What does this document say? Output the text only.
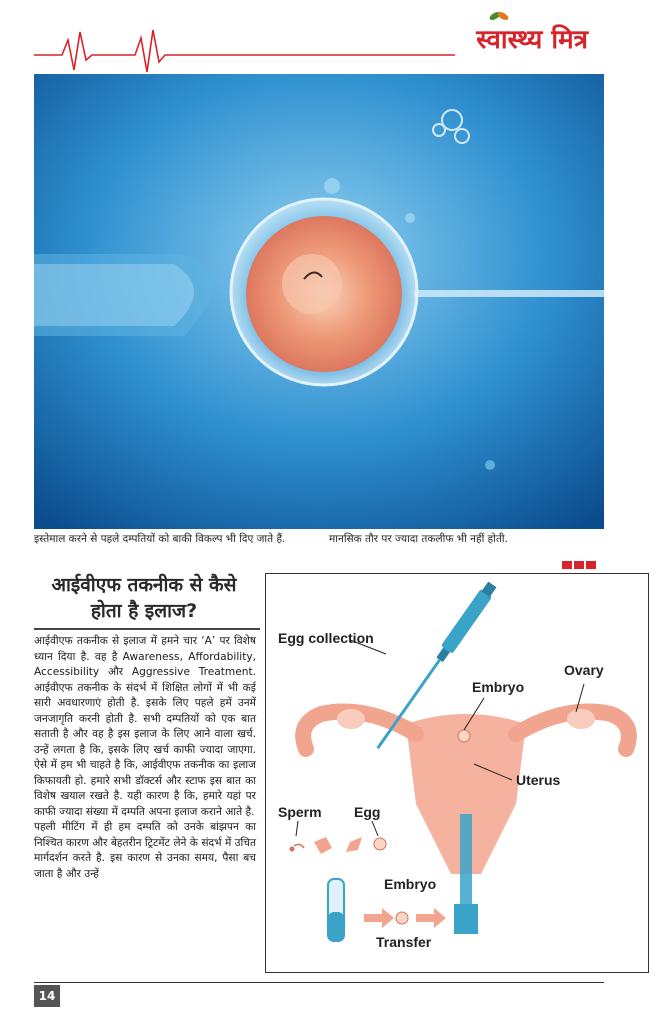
स्वास्थ्य मित्र
इस्तेमाल करने से पहले दम्पतियों को बाकी विकल्प भी दिए जाते हैं.	मानसिक तौर पर ज्यादा तकलीफ भी नहीं होती.
आईवीएफ तकनीक से कैसे
होता है इलाज?

आईवीएफ तकनीक से इलाज में हमने चार ‘A’ पर विशेष ध्यान दिया है. वह है Awareness, Affordability, Accessibility और Aggressive Treatment. आईवीएफ तकनीक के संदर्भ में शिक्षित लोगों में भी कई सारी अवधारणाएं होती है. इसके लिए पहले हमें उनमें जनजागृति करनी होती है. सभी दम्पतियों को एक बात सताती है और वह है इस इलाज के लिए आने वाला खर्च. उन्हें लगता है कि, इसके लिए खर्च काफी ज्यादा जाएगा. ऐसे में हम भी चाहते है कि, आईवीएफ तकनीक का इलाज किफायती हो. हमारे सभी डॉक्टर्स और स्टाफ इस बात का विशेष खयाल रखते है. यही कारण है कि, हमारे यहां पर काफी ज्यादा संख्या में दम्पति अपना इलाज कराने आते है.

पहली मीटिंग में ही हम दम्पति को उनके बांझपन का निश्चित कारण और बेहतरीन ट्रिटमेंट लेने के संदर्भ में उचित मार्गदर्शन करते है. इस कारण से उनका समय, पैसा बच जाता है और उन्हें

Egg collection
Ovary
Embryo
Uterus
Sperm Egg
Embryo
Transfer
14
